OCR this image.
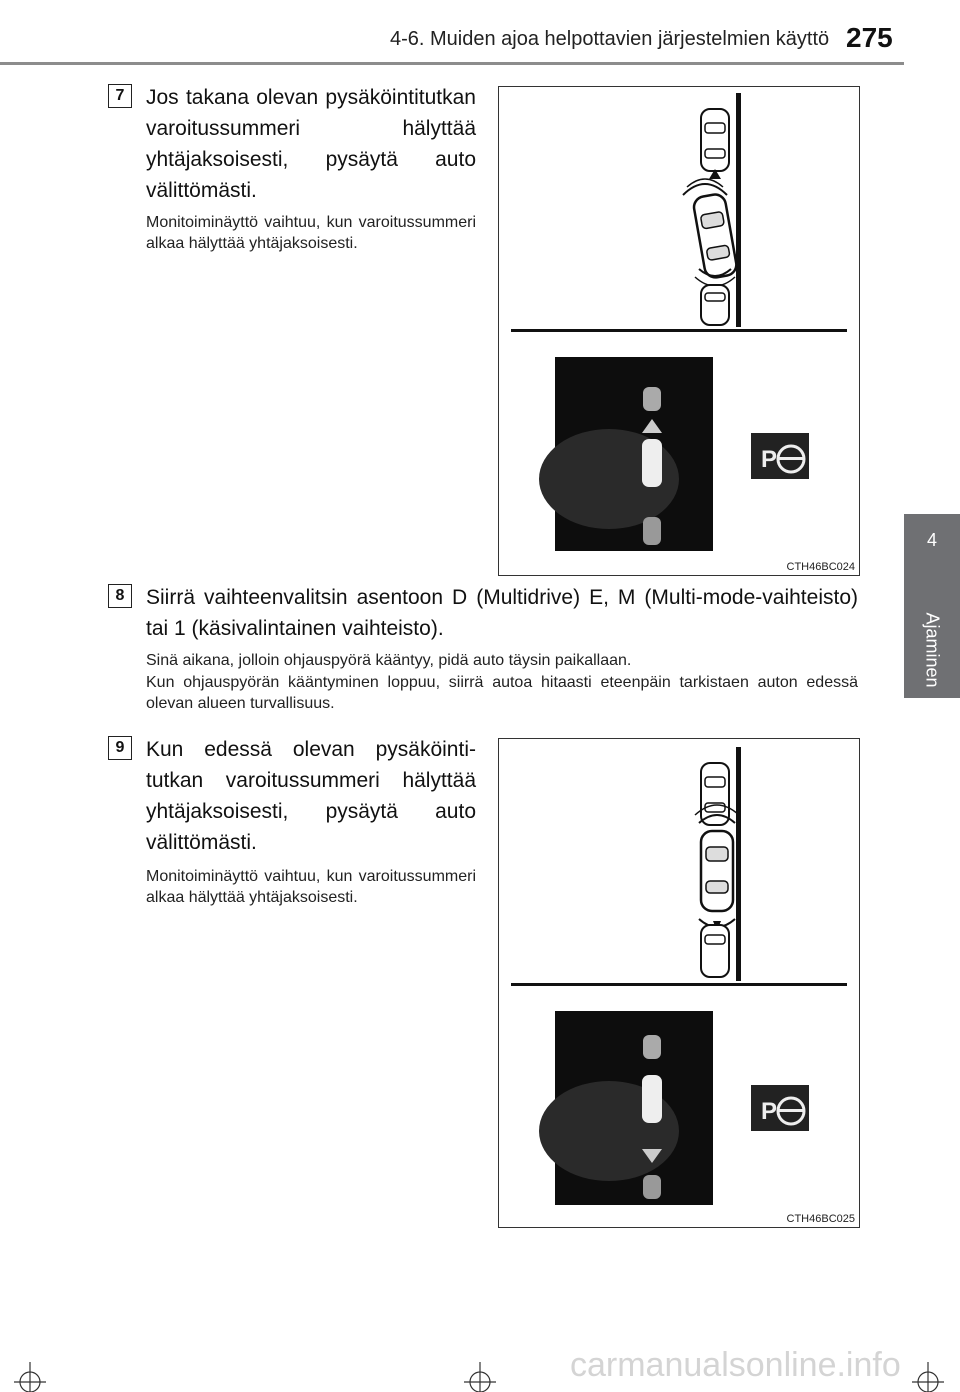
4-6. Muiden ajoa helpottavien järjestelmien käyttö 275
4
Ajaminen
7	Jos takana olevan pysäköintitutkan varoitussummeri hälyttää yhtäjaksoisesti, pysäytä auto välittömästi.
Monitoiminäyttö vaihtuu, kun varoitussummeri alkaa hälyttää yhtäjaksoisesti.
P
CTH46BC024
8	Siirrä vaihteenvalitsin asentoon D (Multidrive) E, M (Multi-mode-vaihteisto) tai 1 (käsivalintainen vaihteisto).
Sinä aikana, jolloin ohjauspyörä kääntyy, pidä auto täysin paikallaan.
Kun ohjauspyörän kääntyminen loppuu, siirrä autoa hitaasti eteenpäin tarkistaen auton edessä olevan alueen turvallisuus.
9	Kun edessä olevan pysäköintitutkan varoitussummeri hälyttää yhtäjaksoisesti, pysäytä auto välittömästi.
Monitoiminäyttö vaihtuu, kun varoitussummeri alkaa hälyttää yhtäjaksoisesti.
P
CTH46BC025
carmanualsonline.info
